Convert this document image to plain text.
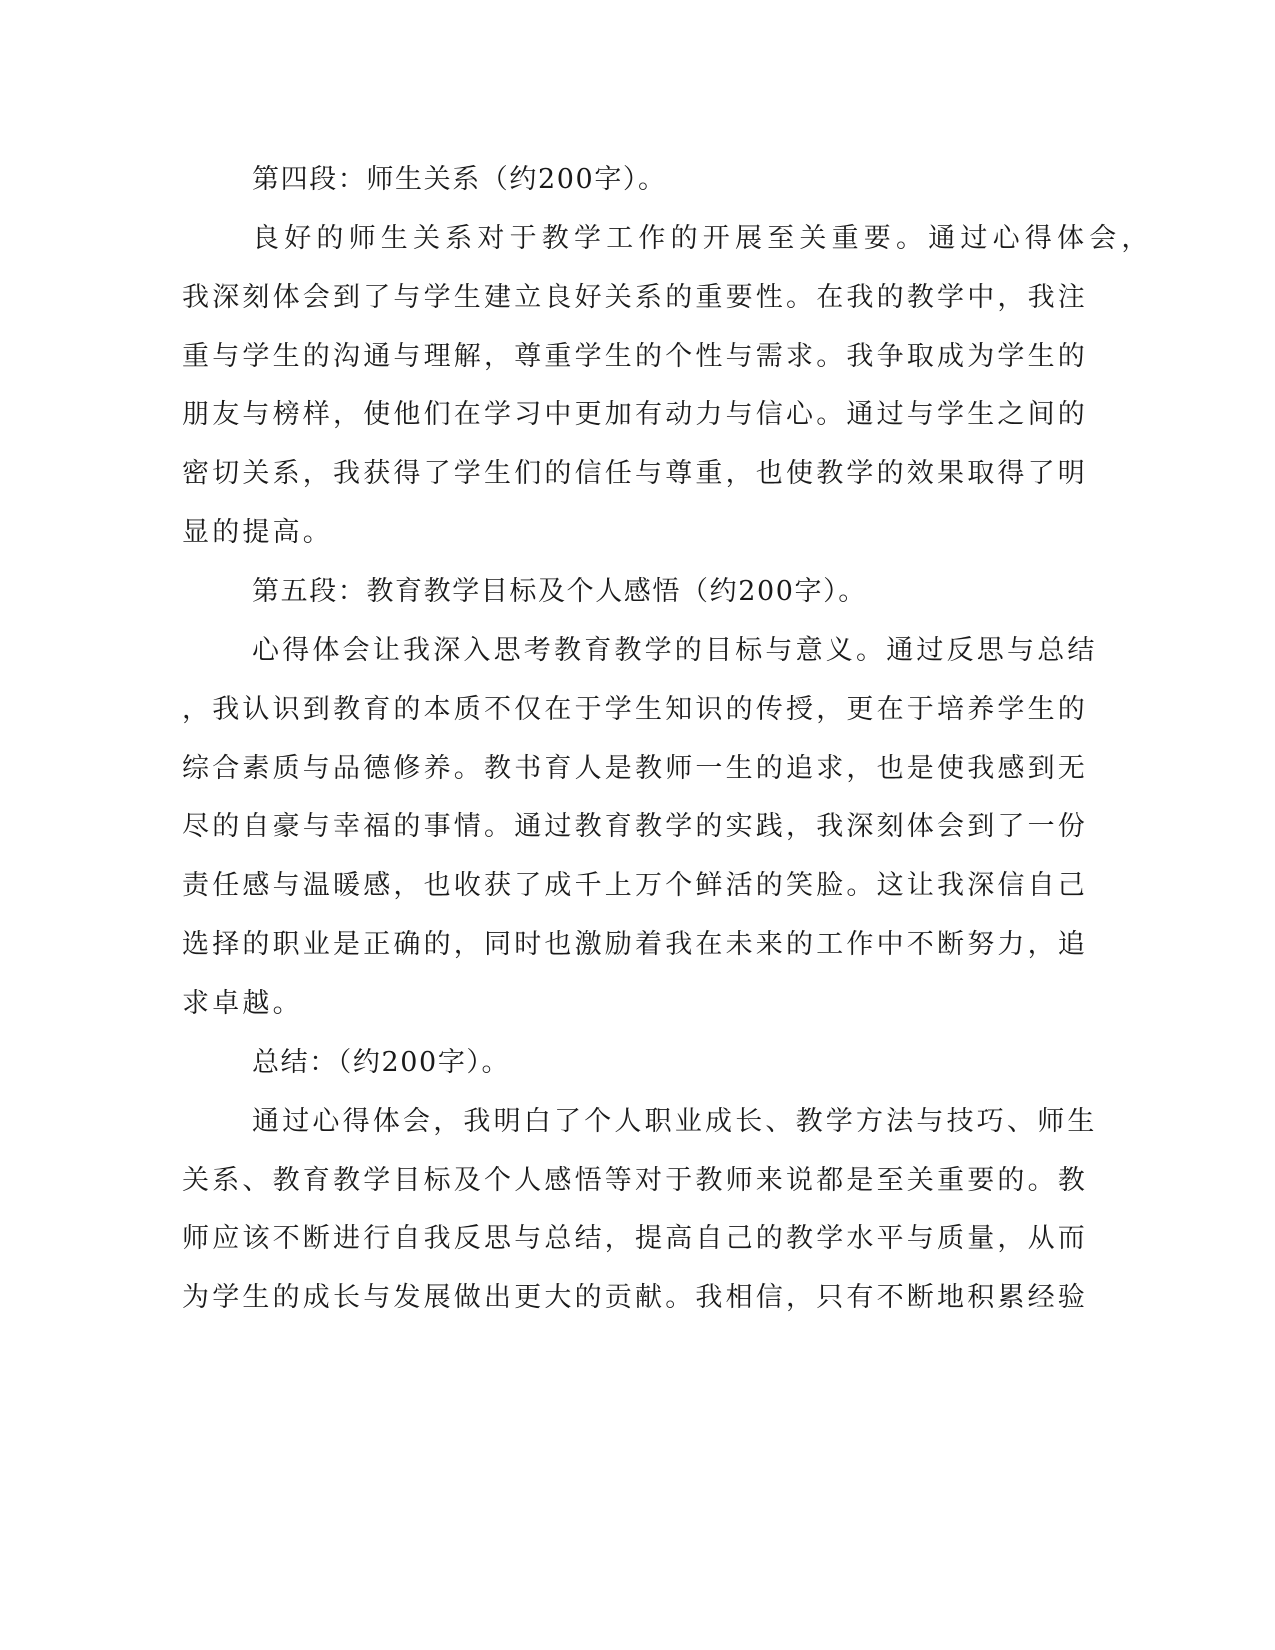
第四段：师生关系（约200字）。
良好的师生关系对于教学工作的开展至关重要。通过心得体会，
我深刻体会到了与学生建立良好关系的重要性。在我的教学中，我注
重与学生的沟通与理解，尊重学生的个性与需求。我争取成为学生的
朋友与榜样，使他们在学习中更加有动力与信心。通过与学生之间的
密切关系，我获得了学生们的信任与尊重，也使教学的效果取得了明
显的提高。
第五段：教育教学目标及个人感悟（约200字）。
心得体会让我深入思考教育教学的目标与意义。通过反思与总结
，我认识到教育的本质不仅在于学生知识的传授，更在于培养学生的
综合素质与品德修养。教书育人是教师一生的追求，也是使我感到无
尽的自豪与幸福的事情。通过教育教学的实践，我深刻体会到了一份
责任感与温暖感，也收获了成千上万个鲜活的笑脸。这让我深信自己
选择的职业是正确的，同时也激励着我在未来的工作中不断努力，追
求卓越。
总结：（约200字）。
通过心得体会，我明白了个人职业成长、教学方法与技巧、师生
关系、教育教学目标及个人感悟等对于教师来说都是至关重要的。教
师应该不断进行自我反思与总结，提高自己的教学水平与质量，从而
为学生的成长与发展做出更大的贡献。我相信，只有不断地积累经验
